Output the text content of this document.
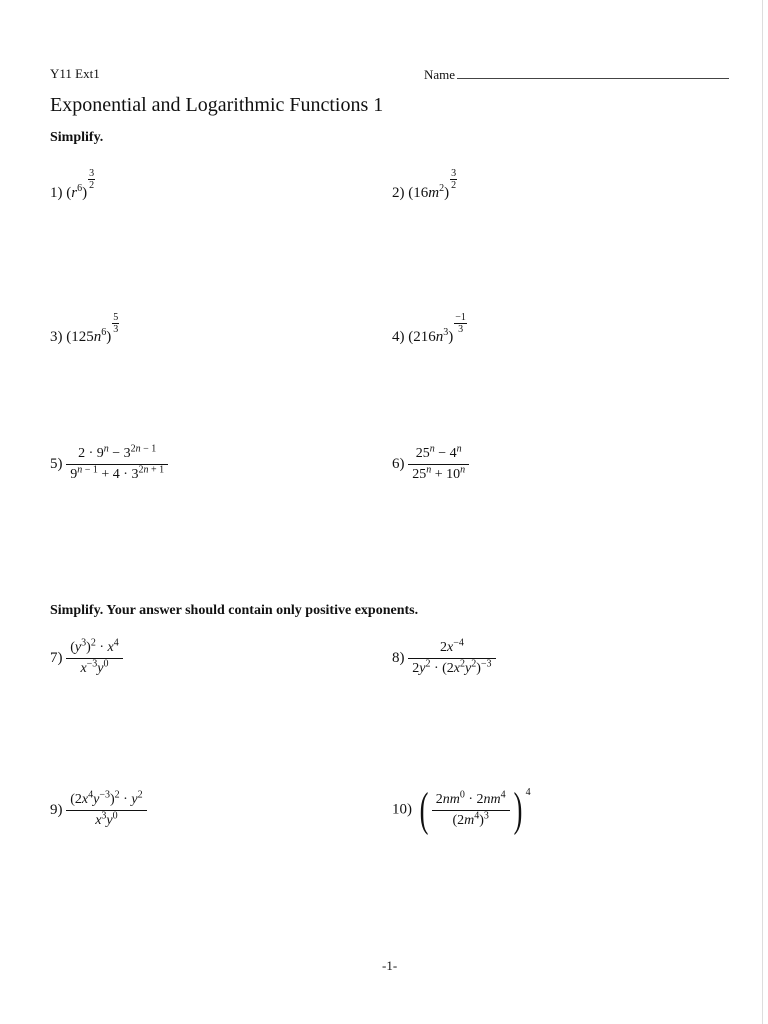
Y11 Ext1	Name
Exponential and Logarithmic Functions 1
Simplify.
1) $(r^6)$
$\frac{3}{2}$
2) $(16m^2)$
$\frac{3}{2}$
3) $(125n^6)$
$\frac{5}{3}$
4) $(216n^3)$
$\frac{-1}{3}$
$5) \frac{2 \cdot 9^n - 3^{2n - 1}}{9^{n - 1} + 4 \cdot 3^{2n + 1}}$	$6) \frac{25^n - 4^n}{25^n + 10^n}$
Simplify. Your answer should contain only positive exponents.
$7) \frac{(y^3)^2 \cdot x^4}{x^{-3}y^0}$	$8) \frac{2x^{-4}}{2y^2 \cdot (2x^2y^2)^{-3}}$
$9) \frac{(2x^4y^{-3})^2 \cdot y^2}{x^3y^0}$	10) ( $\frac{2nm^0 \cdot 2nm^4}{(2m^4)^3}$ ) $^4$
-1-
